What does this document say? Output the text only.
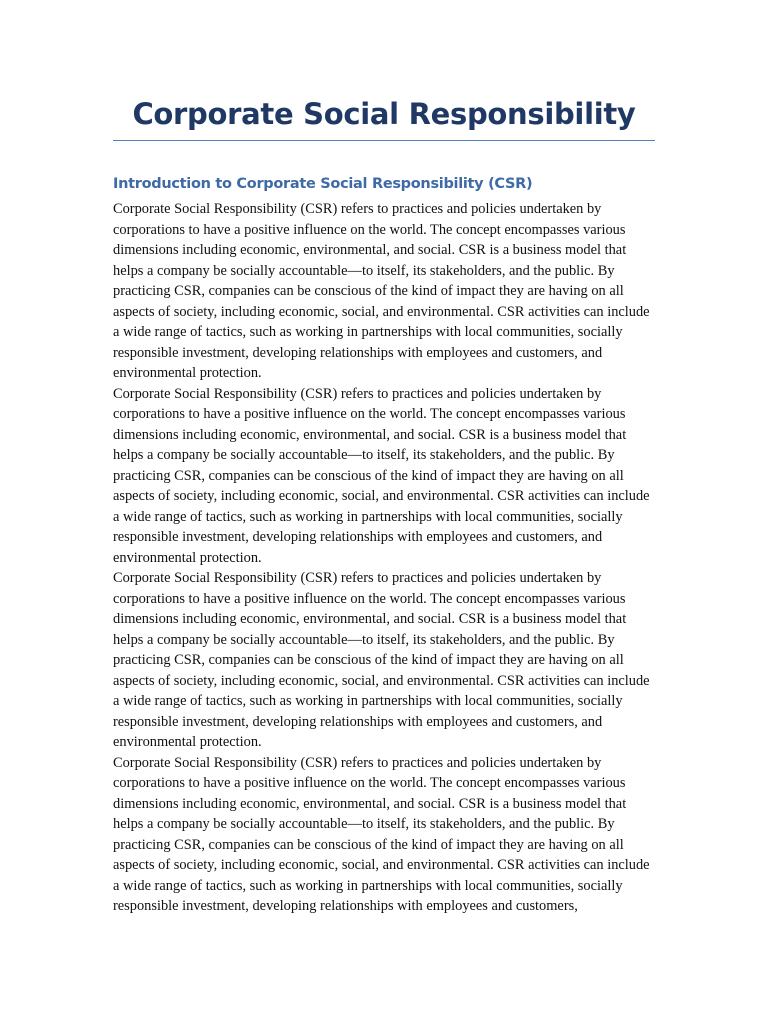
Corporate Social Responsibility
Introduction to Corporate Social Responsibility (CSR)

Corporate Social Responsibility (CSR) refers to practices and policies undertaken by corporations to have a positive influence on the world. The concept encompasses various dimensions including economic, environmental, and social. CSR is a business model that helps a company be socially accountable—to itself, its stakeholders, and the public. By practicing CSR, companies can be conscious of the kind of impact they are having on all aspects of society, including economic, social, and environmental. CSR activities can include a wide range of tactics, such as working in partnerships with local communities, socially responsible investment, developing relationships with employees and customers, and environmental protection.

Corporate Social Responsibility (CSR) refers to practices and policies undertaken by corporations to have a positive influence on the world. The concept encompasses various dimensions including economic, environmental, and social. CSR is a business model that helps a company be socially accountable—to itself, its stakeholders, and the public. By practicing CSR, companies can be conscious of the kind of impact they are having on all aspects of society, including economic, social, and environmental. CSR activities can include a wide range of tactics, such as working in partnerships with local communities, socially responsible investment, developing relationships with employees and customers, and environmental protection.

Corporate Social Responsibility (CSR) refers to practices and policies undertaken by corporations to have a positive influence on the world. The concept encompasses various dimensions including economic, environmental, and social. CSR is a business model that helps a company be socially accountable—to itself, its stakeholders, and the public. By practicing CSR, companies can be conscious of the kind of impact they are having on all aspects of society, including economic, social, and environmental. CSR activities can include a wide range of tactics, such as working in partnerships with local communities, socially responsible investment, developing relationships with employees and customers, and environmental protection.

Corporate Social Responsibility (CSR) refers to practices and policies undertaken by corporations to have a positive influence on the world. The concept encompasses various dimensions including economic, environmental, and social. CSR is a business model that helps a company be socially accountable—to itself, its stakeholders, and the public. By practicing CSR, companies can be conscious of the kind of impact they are having on all aspects of society, including economic, social, and environmental. CSR activities can include a wide range of tactics, such as working in partnerships with local communities, socially responsible investment, developing relationships with employees and customers,
